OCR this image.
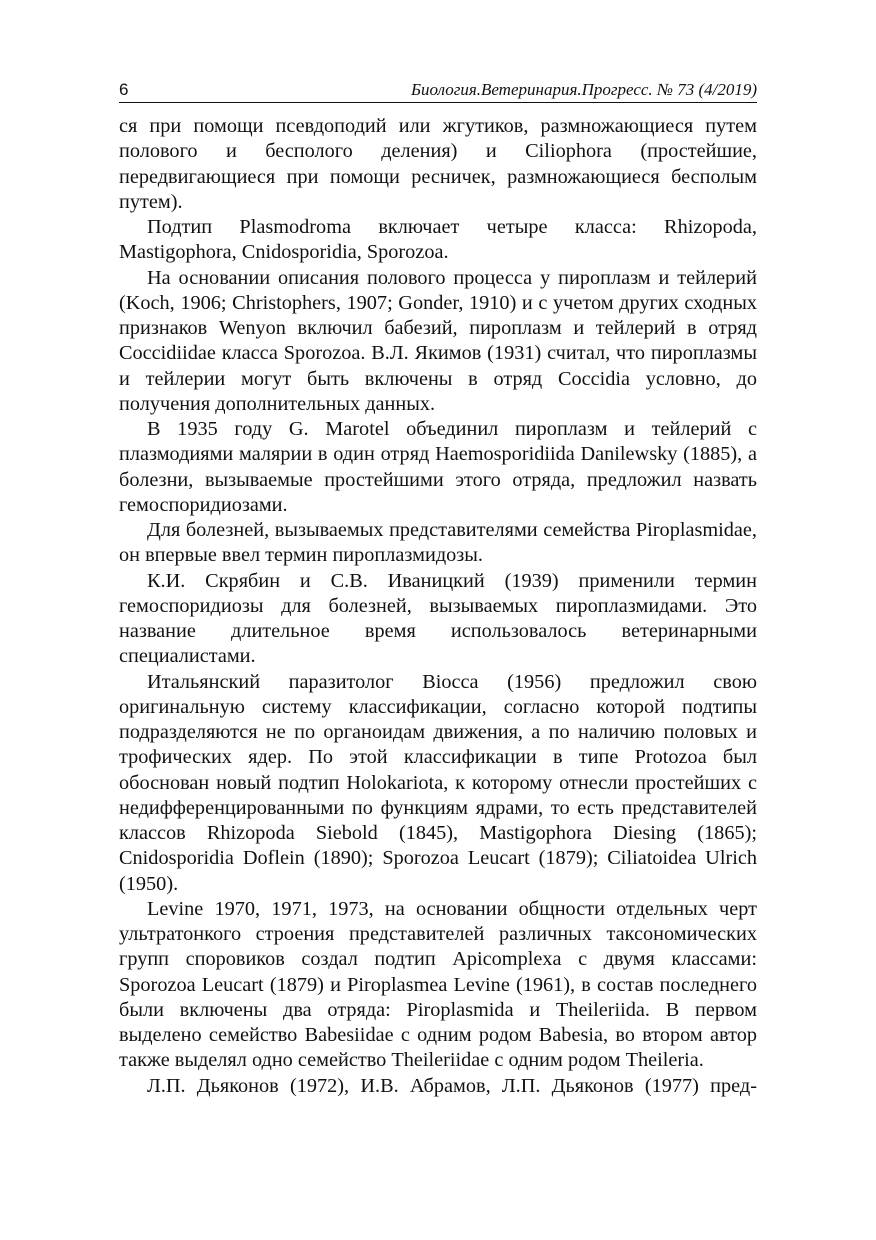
6	Биология.Ветеринария.Прогресс. № 73 (4/2019)

ся при помощи псевдоподий или жгутиков, размножающиеся путем полового и бесполого деления) и Ciliophora (простейшие, передвигающиеся при помощи ресничек, размножающиеся бесполым путем).

Подтип Plasmodroma включает четыре класса: Rhizopoda, Mastigophora, Cnidosporidia, Sporozoa.

На основании описания полового процесса у пироплазм и тейлерий (Koch, 1906; Christophers, 1907; Gonder, 1910) и с учетом других сходных признаков Wenyon включил бабезий, пироплазм и тейлерий в отряд Coccidiidae класса Sporozoa. В.Л. Якимов (1931) считал, что пироплазмы и тейлерии могут быть включены в отряд Coccidia условно, до получения дополнительных данных.

В 1935 году G. Marotel объединил пироплазм и тейлерий с плазмодиями малярии в один отряд Haemosporidiida Danilewsky (1885), а болезни, вызываемые простейшими этого отряда, предложил назвать гемоспоридиозами.

Для болезней, вызываемых представителями семейства Piroplasmidae, он впервые ввел термин пироплазмидозы.

К.И. Скрябин и С.В. Иваницкий (1939) применили термин гемоспоридиозы для болезней, вызываемых пироплазмидами. Это название длительное время использовалось ветеринарными специалистами.

Итальянский паразитолог Biocca (1956) предложил свою оригинальную систему классификации, согласно которой подтипы подразделяются не по органоидам движения, а по наличию половых и трофических ядер. По этой классификации в типе Protozoa был обоснован новый подтип Holokariota, к которому отнесли простейших с недифференцированными по функциям ядрами, то есть представителей классов Rhizopoda Siebold (1845), Mastigophora Diesing (1865); Cnidosporidia Doflein (1890); Sporozoa Leucart (1879); Ciliatoidea Ulrich (1950).

Levine 1970, 1971, 1973, на основании общности отдельных черт ультратонкого строения представителей различных таксономических групп споровиков создал подтип Apicomplexa с двумя классами: Sporozoa Leucart (1879) и Piroplasmea Levine (1961), в состав последнего были включены два отряда: Piroplasmida и Theileriida. В первом выделено семейство Babesiidae с одним родом Babesia, во втором автор также выделял одно семейство Theileriidae с одним родом Theileria.

Л.П. Дьяконов (1972), И.В. Абрамов, Л.П. Дьяконов (1977) пред-
